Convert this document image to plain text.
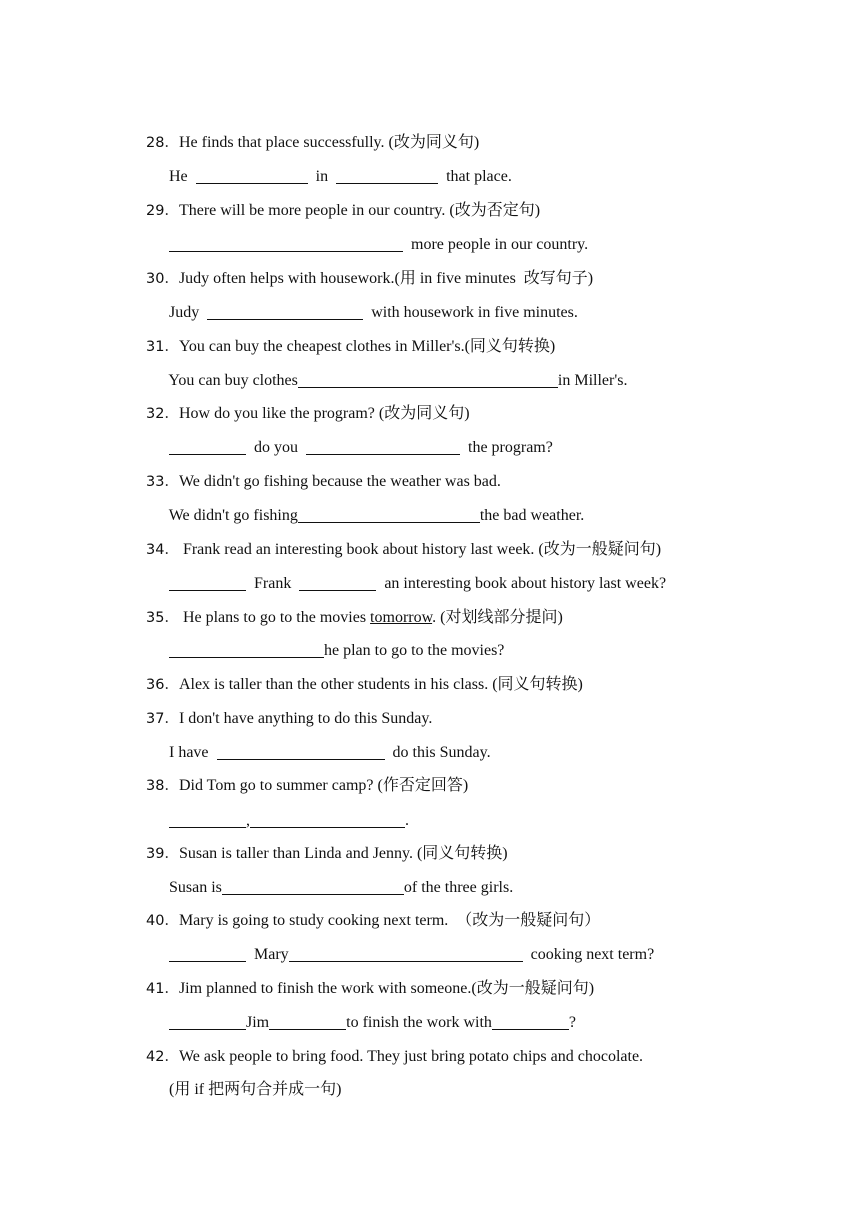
28．He finds that place successfully. (改为同义句)

He	in	that place.

29．There will be more people in our country. (改为否定句)

more people in our country.

30．Judy often helps with housework.(用 in five minutes  改写句子)

Judy	with housework in five minutes.

31．You can buy the cheapest clothes in Miller's.(同义句转换)

You can buy clothes	in Miller's.

32．How do you like the program? (改为同义句)

do you	the program?

33．We didn't go fishing because the weather was bad.

We didn't go fishing	the bad weather.

34． Frank read an interesting book about history last week. (改为一般疑问句)

Frank	an interesting book about history last week?

35． He plans to go to the movies tomorrow. (对划线部分提问)

he plan to go to the movies?

36．Alex is taller than the other students in his class. (同义句转换)

37．I don't have anything to do this Sunday.

I have	do this Sunday.

38．Did Tom go to summer camp? (作否定回答)

,	.

39．Susan is taller than Linda and Jenny. (同义句转换)

Susan is	of the three girls.

40．Mary is going to study cooking next term.  （改为一般疑问句）

Mary	cooking next term?

41．Jim planned to finish the work with someone.(改为一般疑问句)

Jim	to finish the work with	?

42．We ask people to bring food. They just bring potato chips and chocolate.

(用 if 把两句合并成一句)
